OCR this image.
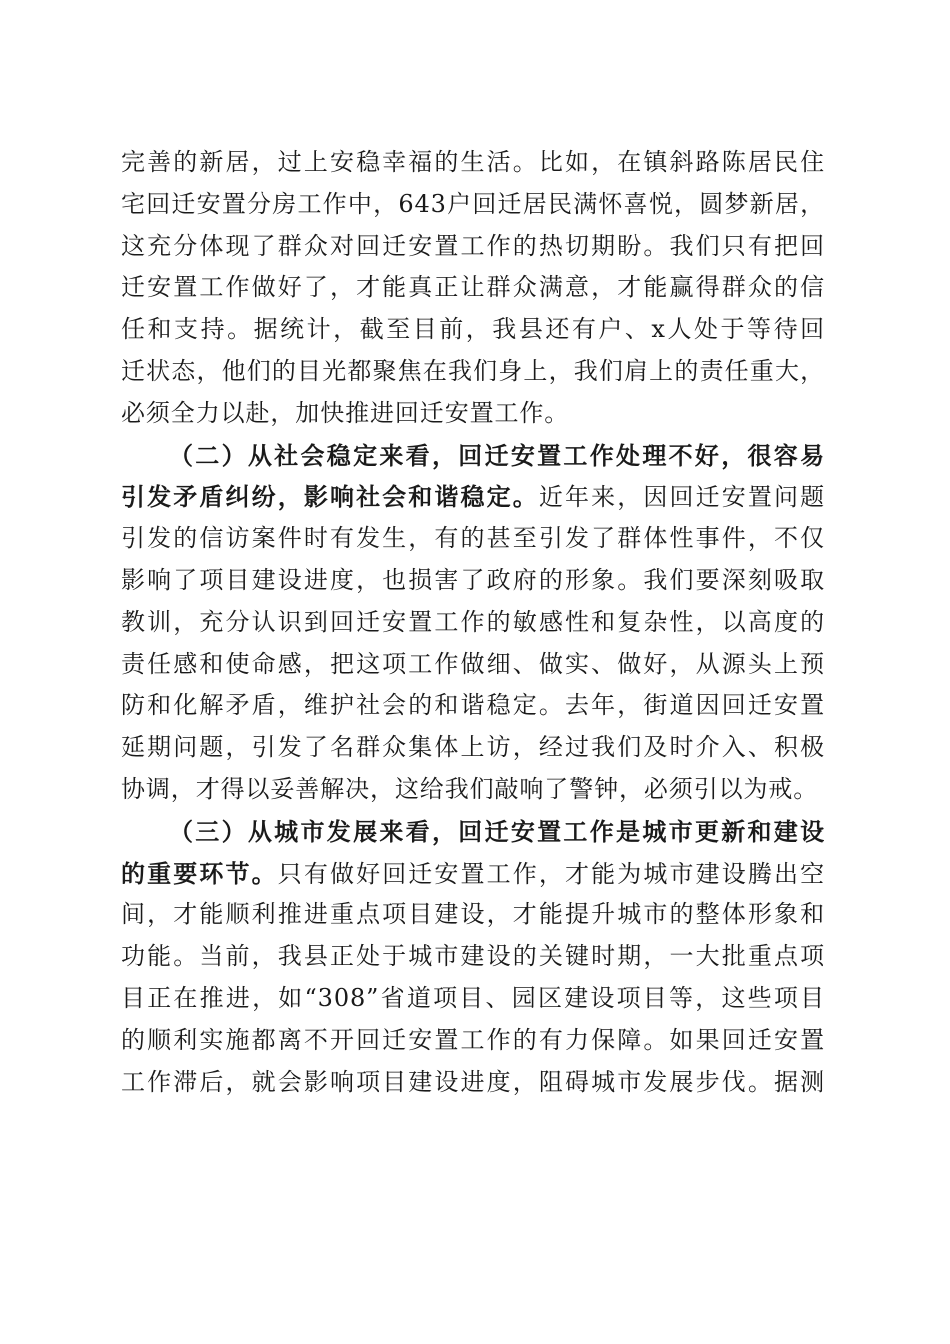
完善的新居，过上安稳幸福的生活。比如，在镇斜路陈居民住
宅回迁安置分房工作中，643户回迁居民满怀喜悦，圆梦新居，
这充分体现了群众对回迁安置工作的热切期盼。我们只有把回
迁安置工作做好了，才能真正让群众满意，才能赢得群众的信
任和支持。据统计，截至目前，我县还有户、x人处于等待回
迁状态，他们的目光都聚焦在我们身上，我们肩上的责任重大，
必须全力以赴，加快推进回迁安置工作。
（二）从社会稳定来看，回迁安置工作处理不好，很容易
引发矛盾纠纷，影响社会和谐稳定。近年来，因回迁安置问题
引发的信访案件时有发生，有的甚至引发了群体性事件，不仅
影响了项目建设进度，也损害了政府的形象。我们要深刻吸取
教训，充分认识到回迁安置工作的敏感性和复杂性，以高度的
责任感和使命感，把这项工作做细、做实、做好，从源头上预
防和化解矛盾，维护社会的和谐稳定。去年，街道因回迁安置
延期问题，引发了名群众集体上访，经过我们及时介入、积极
协调，才得以妥善解决，这给我们敲响了警钟，必须引以为戒。
（三）从城市发展来看，回迁安置工作是城市更新和建设
的重要环节。只有做好回迁安置工作，才能为城市建设腾出空
间，才能顺利推进重点项目建设，才能提升城市的整体形象和
功能。当前，我县正处于城市建设的关键时期，一大批重点项
目正在推进，如“308”省道项目、园区建设项目等，这些项目
的顺利实施都离不开回迁安置工作的有力保障。如果回迁安置
工作滞后，就会影响项目建设进度，阻碍城市发展步伐。据测
